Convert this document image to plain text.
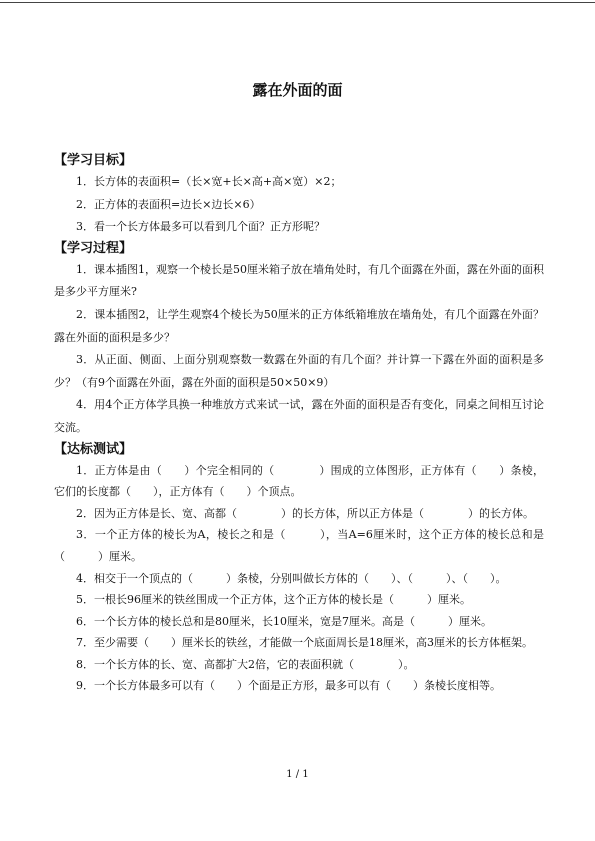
露在外面的面

【学习目标】

1．长方体的表面积=（长×宽+长×高+高×宽）×2；

2．正方体的表面积=边长×边长×6）

3．看一个长方体最多可以看到几个面？正方形呢？

【学习过程】

1．课本插图1，观察一个棱长是50厘米箱子放在墙角处时，有几个面露在外面，露在外面的面积是多少平方厘米?

2．课本插图2，让学生观察4个棱长为50厘米的正方体纸箱堆放在墙角处，有几个面露在外面？露在外面的面积是多少？

3．从正面、侧面、上面分别观察数一数露在外面的有几个面？并计算一下露在外面的面积是多少？（有9个面露在外面，露在外面的面积是50×50×9）

4．用4个正方体学具换一种堆放方式来试一试，露在外面的面积是否有变化，同桌之间相互讨论交流。

【达标测试】

1．正方体是由（　　）个完全相同的（　　　　）围成的立体图形，正方体有（　　）条棱，它们的长度都（　　），正方体有（　　）个顶点。

2．因为正方体是长、宽、高都（　　　　）的长方体，所以正方体是（　　　　）的长方体。

3．一个正方体的棱长为A，棱长之和是（　　　），当A=6厘米时，这个正方体的棱长总和是（　　　）厘米。

4．相交于一个顶点的（　　　）条棱，分别叫做长方体的（　　）、（　　　）、（　　）。

5．一根长96厘米的铁丝围成一个正方体，这个正方体的棱长是（　　　）厘米。

6．一个长方体的棱长总和是80厘米，长10厘米，宽是7厘米。高是（　　　）厘米。

7．至少需要（　　）厘米长的铁丝，才能做一个底面周长是18厘米，高3厘米的长方体框架。

8．一个长方体的长、宽、高都扩大2倍，它的表面积就（　　　　）。

9．一个长方体最多可以有（　　）个面是正方形，最多可以有（　　）条棱长度相等。

1 / 1
